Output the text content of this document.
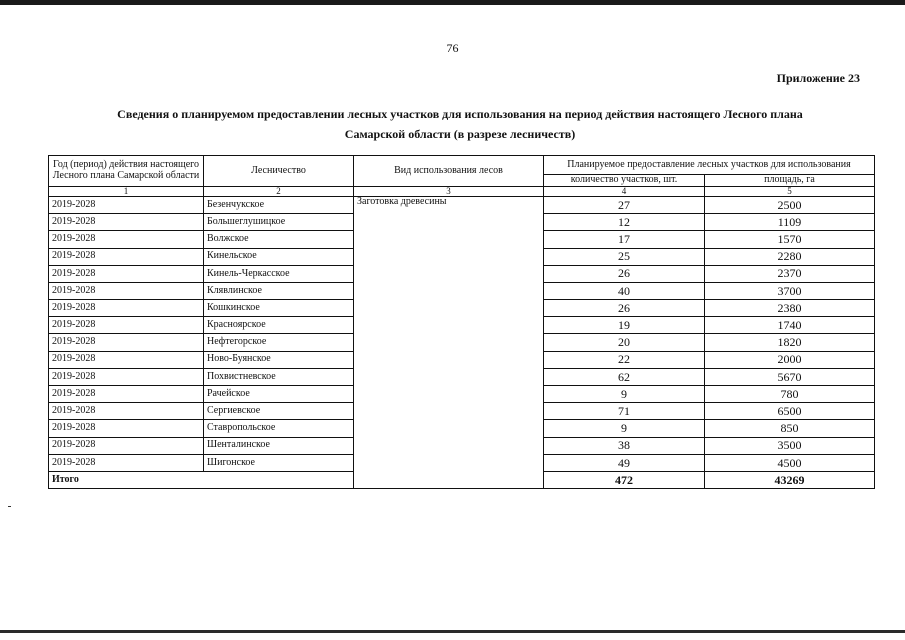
76
Приложение 23
Сведения о планируемом предоставлении лесных участков для использования на период действия настоящего Лесного плана
Самарской области (в разрезе лесничеств)
Год (период) действия настоящего Лесного плана Самарской области	Лесничество	Вид использования лесов	Планируемое предоставление лесных участков для использования	
			количество участков, шт.	площадь, га
1	2	3	4	5
2019-2028	Безенчукское	Заготовка древесины	27	2500
2019-2028	Большеглушицкое		12	1109
2019-2028	Волжское		17	1570
2019-2028	Кинельское		25	2280
2019-2028	Кинель-Черкасское		26	2370
2019-2028	Клявлинское		40	3700
2019-2028	Кошкинское		26	2380
2019-2028	Красноярское		19	1740
2019-2028	Нефтегорское		20	1820
2019-2028	Ново-Буянское		22	2000
2019-2028	Похвистневское		62	5670
2019-2028	Рачейское		9	780
2019-2028	Сергиевское		71	6500
2019-2028	Ставропольское		9	850
2019-2028	Шенталинское		38	3500
2019-2028	Шигонское		49	4500
Итого			472	43269
